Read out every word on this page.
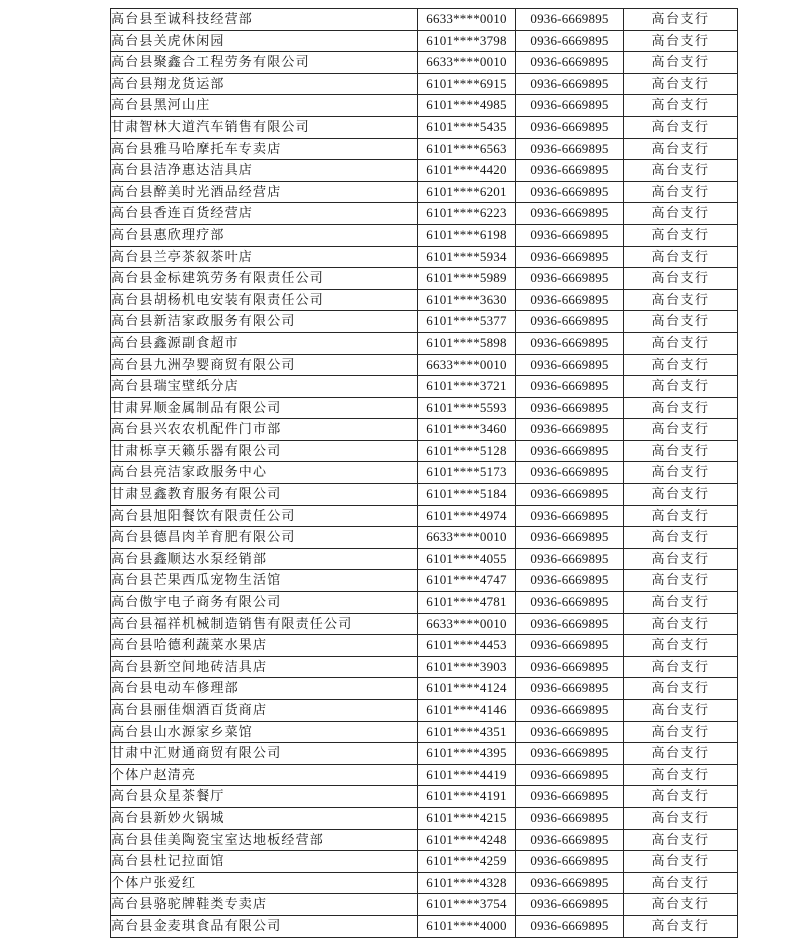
高台县至诚科技经营部	6633****0010	0936-6669895	高台支行
高台县关虎休闲园	6101****3798	0936-6669895	高台支行
高台县聚鑫合工程劳务有限公司	6633****0010	0936-6669895	高台支行
高台县翔龙货运部	6101****6915	0936-6669895	高台支行
高台县黑河山庄	6101****4985	0936-6669895	高台支行
甘肃智林大道汽车销售有限公司	6101****5435	0936-6669895	高台支行
高台县雅马哈摩托车专卖店	6101****6563	0936-6669895	高台支行
高台县洁净惠达洁具店	6101****4420	0936-6669895	高台支行
高台县醉美时光酒品经营店	6101****6201	0936-6669895	高台支行
高台县香连百货经营店	6101****6223	0936-6669895	高台支行
高台县惠欣理疗部	6101****6198	0936-6669895	高台支行
高台县兰亭茶叙茶叶店	6101****5934	0936-6669895	高台支行
高台县金标建筑劳务有限责任公司	6101****5989	0936-6669895	高台支行
高台县胡杨机电安装有限责任公司	6101****3630	0936-6669895	高台支行
高台县新洁家政服务有限公司	6101****5377	0936-6669895	高台支行
高台县鑫源副食超市	6101****5898	0936-6669895	高台支行
高台县九洲孕婴商贸有限公司	6633****0010	0936-6669895	高台支行
高台县瑞宝壁纸分店	6101****3721	0936-6669895	高台支行
甘肃昇顺金属制品有限公司	6101****5593	0936-6669895	高台支行
高台县兴农农机配件门市部	6101****3460	0936-6669895	高台支行
甘肃栎享天籁乐器有限公司	6101****5128	0936-6669895	高台支行
高台县亮洁家政服务中心	6101****5173	0936-6669895	高台支行
甘肃昱鑫教育服务有限公司	6101****5184	0936-6669895	高台支行
高台县旭阳餐饮有限责任公司	6101****4974	0936-6669895	高台支行
高台县德昌肉羊育肥有限公司	6633****0010	0936-6669895	高台支行
高台县鑫顺达水泵经销部	6101****4055	0936-6669895	高台支行
高台县芒果西瓜宠物生活馆	6101****4747	0936-6669895	高台支行
高台傲宇电子商务有限公司	6101****4781	0936-6669895	高台支行
高台县福祥机械制造销售有限责任公司	6633****0010	0936-6669895	高台支行
高台县哈德利蔬菜水果店	6101****4453	0936-6669895	高台支行
高台县新空间地砖洁具店	6101****3903	0936-6669895	高台支行
高台县电动车修理部	6101****4124	0936-6669895	高台支行
高台县丽佳烟酒百货商店	6101****4146	0936-6669895	高台支行
高台县山水源家乡菜馆	6101****4351	0936-6669895	高台支行
甘肃中汇财通商贸有限公司	6101****4395	0936-6669895	高台支行
个体户赵清亮	6101****4419	0936-6669895	高台支行
高台县众星茶餐厅	6101****4191	0936-6669895	高台支行
高台县新妙火锅城	6101****4215	0936-6669895	高台支行
高台县佳美陶瓷宝室达地板经营部	6101****4248	0936-6669895	高台支行
高台县杜记拉面馆	6101****4259	0936-6669895	高台支行
个体户张爱红	6101****4328	0936-6669895	高台支行
高台县骆驼牌鞋类专卖店	6101****3754	0936-6669895	高台支行
高台县金麦琪食品有限公司	6101****4000	0936-6669895	高台支行
